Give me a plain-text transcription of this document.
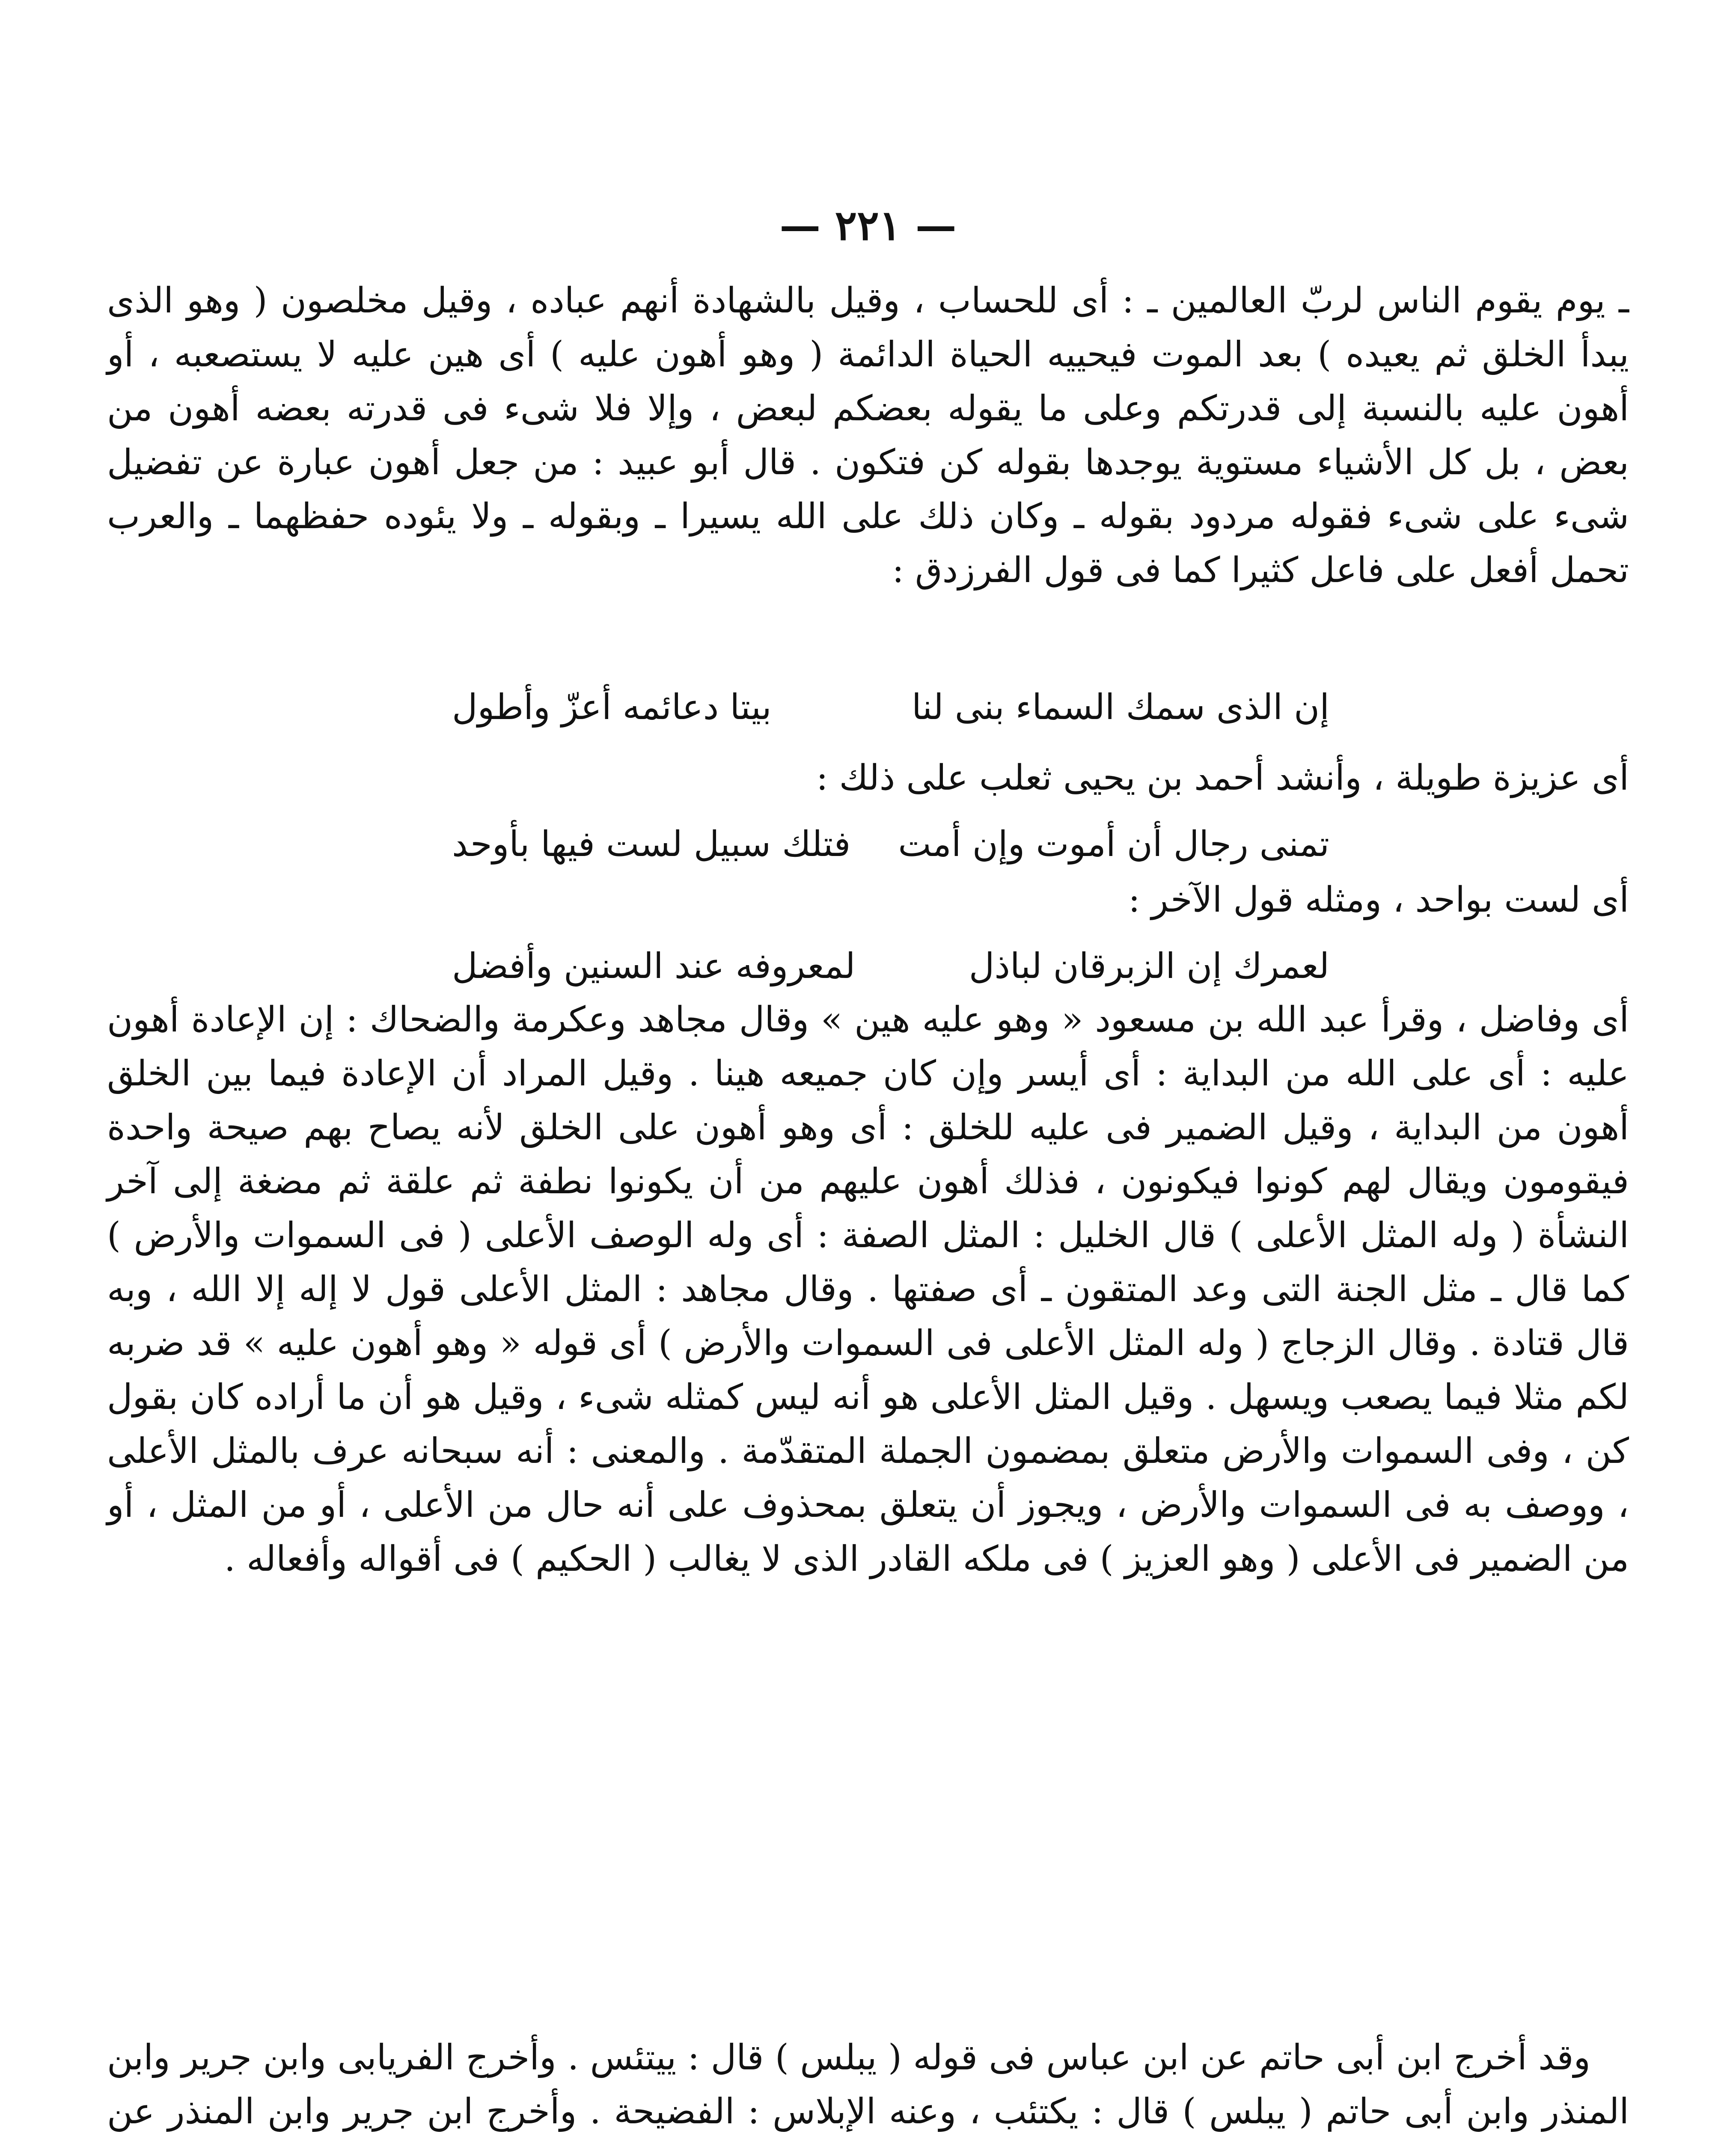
— ٢٢١ —

ـ يوم يقوم الناس لربّ العالمين ـ : أى للحساب ، وقيل بالشهادة أنهم عباده ، وقيل مخلصون ( وهو الذى يبدأ الخلق ثم يعيده ) بعد الموت فيحييه الحياة الدائمة ( وهو أهون عليه ) أى هين عليه لا يستصعبه ، أو أهون عليه بالنسبة إلى قدرتكم وعلى ما يقوله بعضكم لبعض ، وإلا فلا شىء فى قدرته بعضه أهون من بعض ، بل كل الأشياء مستوية يوجدها بقوله كن فتكون . قال أبو عبيد : من جعل أهون عبارة عن تفضيل شىء على شىء فقوله مردود بقوله ـ وكان ذلك على الله يسيرا ـ وبقوله ـ ولا يئوده حفظهما ـ والعرب تحمل أفعل على فاعل كثيرا كما فى قول الفرزدق :

إن الذى سمك السماء بنى لنا
بيتا دعائمه أعزّ وأطول
أى عزيزة طويلة ، وأنشد أحمد بن يحيى ثعلب على ذلك :
تمنى رجال أن أموت وإن أمت
فتلك سبيل لست فيها بأوحد
أى لست بواحد ، ومثله قول الآخر :
لعمرك إن الزبرقان لباذل
لمعروفه عند السنين وأفضل

أى وفاضل ، وقرأ عبد الله بن مسعود « وهو عليه هين » وقال مجاهد وعكرمة والضحاك : إن الإعادة أهون عليه : أى على الله من البداية : أى أيسر وإن كان جميعه هينا . وقيل المراد أن الإعادة فيما بين الخلق أهون من البداية ، وقيل الضمير فى عليه للخلق : أى وهو أهون على الخلق لأنه يصاح بهم صيحة واحدة فيقومون ويقال لهم كونوا فيكونون ، فذلك أهون عليهم من أن يكونوا نطفة ثم علقة ثم مضغة إلى آخر النشأة ( وله المثل الأعلى ) قال الخليل : المثل الصفة : أى وله الوصف الأعلى ( فى السموات والأرض ) كما قال ـ مثل الجنة التى وعد المتقون ـ أى صفتها . وقال مجاهد : المثل الأعلى قول لا إله إلا الله ، وبه قال قتادة . وقال الزجاج ( وله المثل الأعلى فى السموات والأرض ) أى قوله « وهو أهون عليه » قد ضربه لكم مثلا فيما يصعب ويسهل . وقيل المثل الأعلى هو أنه ليس كمثله شىء ، وقيل هو أن ما أراده كان بقول كن ، وفى السموات والأرض متعلق بمضمون الجملة المتقدّمة . والمعنى : أنه سبحانه عرف بالمثل الأعلى ، ووصف به فى السموات والأرض ، ويجوز أن يتعلق بمحذوف على أنه حال من الأعلى ، أو من المثل ، أو من الضمير فى الأعلى ( وهو العزيز ) فى ملكه القادر الذى لا يغالب ( الحكيم ) فى أقواله وأفعاله .

وقد أخرج ابن أبى حاتم عن ابن عباس فى قوله ( يبلس ) قال : ييتئس . وأخرج الفريابى وابن جرير وابن المنذر وابن أبى حاتم ( يبلس ) قال : يكتئب ، وعنه الإبلاس : الفضيحة . وأخرج ابن جرير وابن المنذر عن
